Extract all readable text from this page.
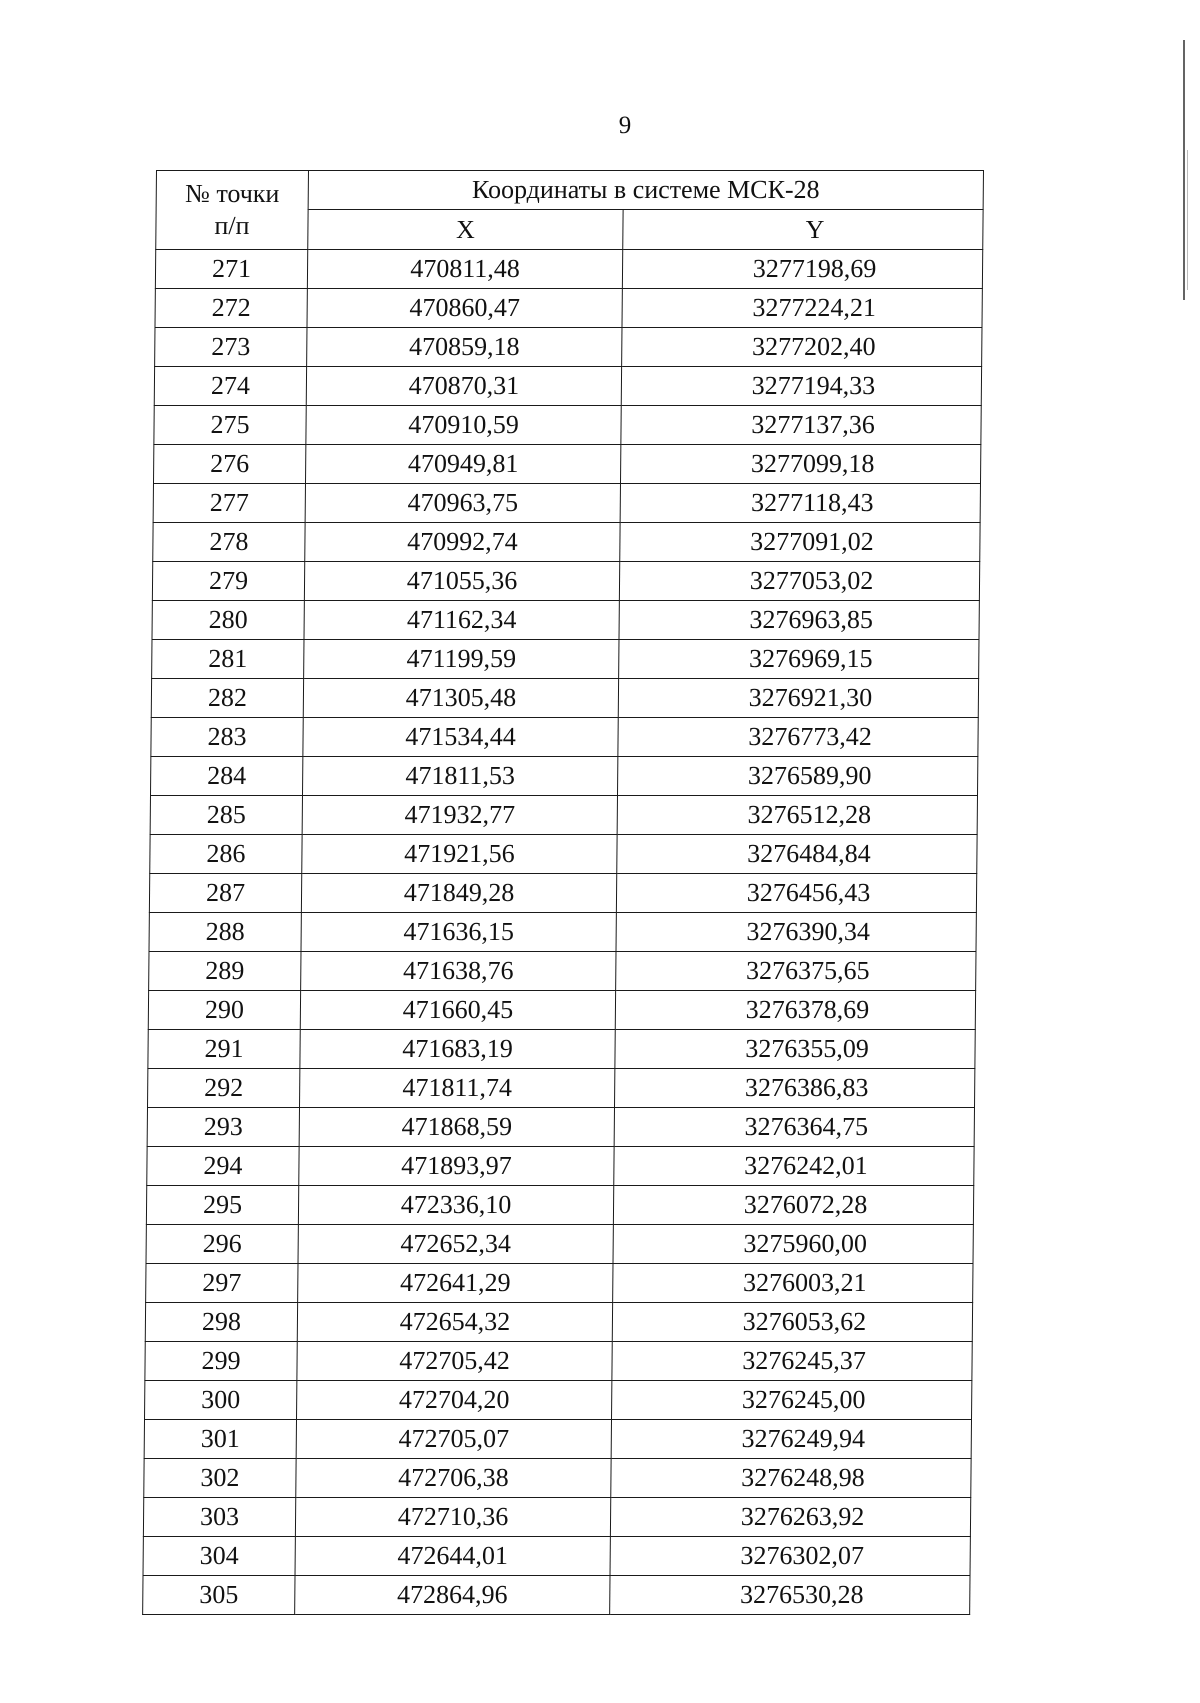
9
№ точки
п/п	Координаты в системе МСК-28	
	X	Y
271	470811,48	3277198,69
272	470860,47	3277224,21
273	470859,18	3277202,40
274	470870,31	3277194,33
275	470910,59	3277137,36
276	470949,81	3277099,18
277	470963,75	3277118,43
278	470992,74	3277091,02
279	471055,36	3277053,02
280	471162,34	3276963,85
281	471199,59	3276969,15
282	471305,48	3276921,30
283	471534,44	3276773,42
284	471811,53	3276589,90
285	471932,77	3276512,28
286	471921,56	3276484,84
287	471849,28	3276456,43
288	471636,15	3276390,34
289	471638,76	3276375,65
290	471660,45	3276378,69
291	471683,19	3276355,09
292	471811,74	3276386,83
293	471868,59	3276364,75
294	471893,97	3276242,01
295	472336,10	3276072,28
296	472652,34	3275960,00
297	472641,29	3276003,21
298	472654,32	3276053,62
299	472705,42	3276245,37
300	472704,20	3276245,00
301	472705,07	3276249,94
302	472706,38	3276248,98
303	472710,36	3276263,92
304	472644,01	3276302,07
305	472864,96	3276530,28
